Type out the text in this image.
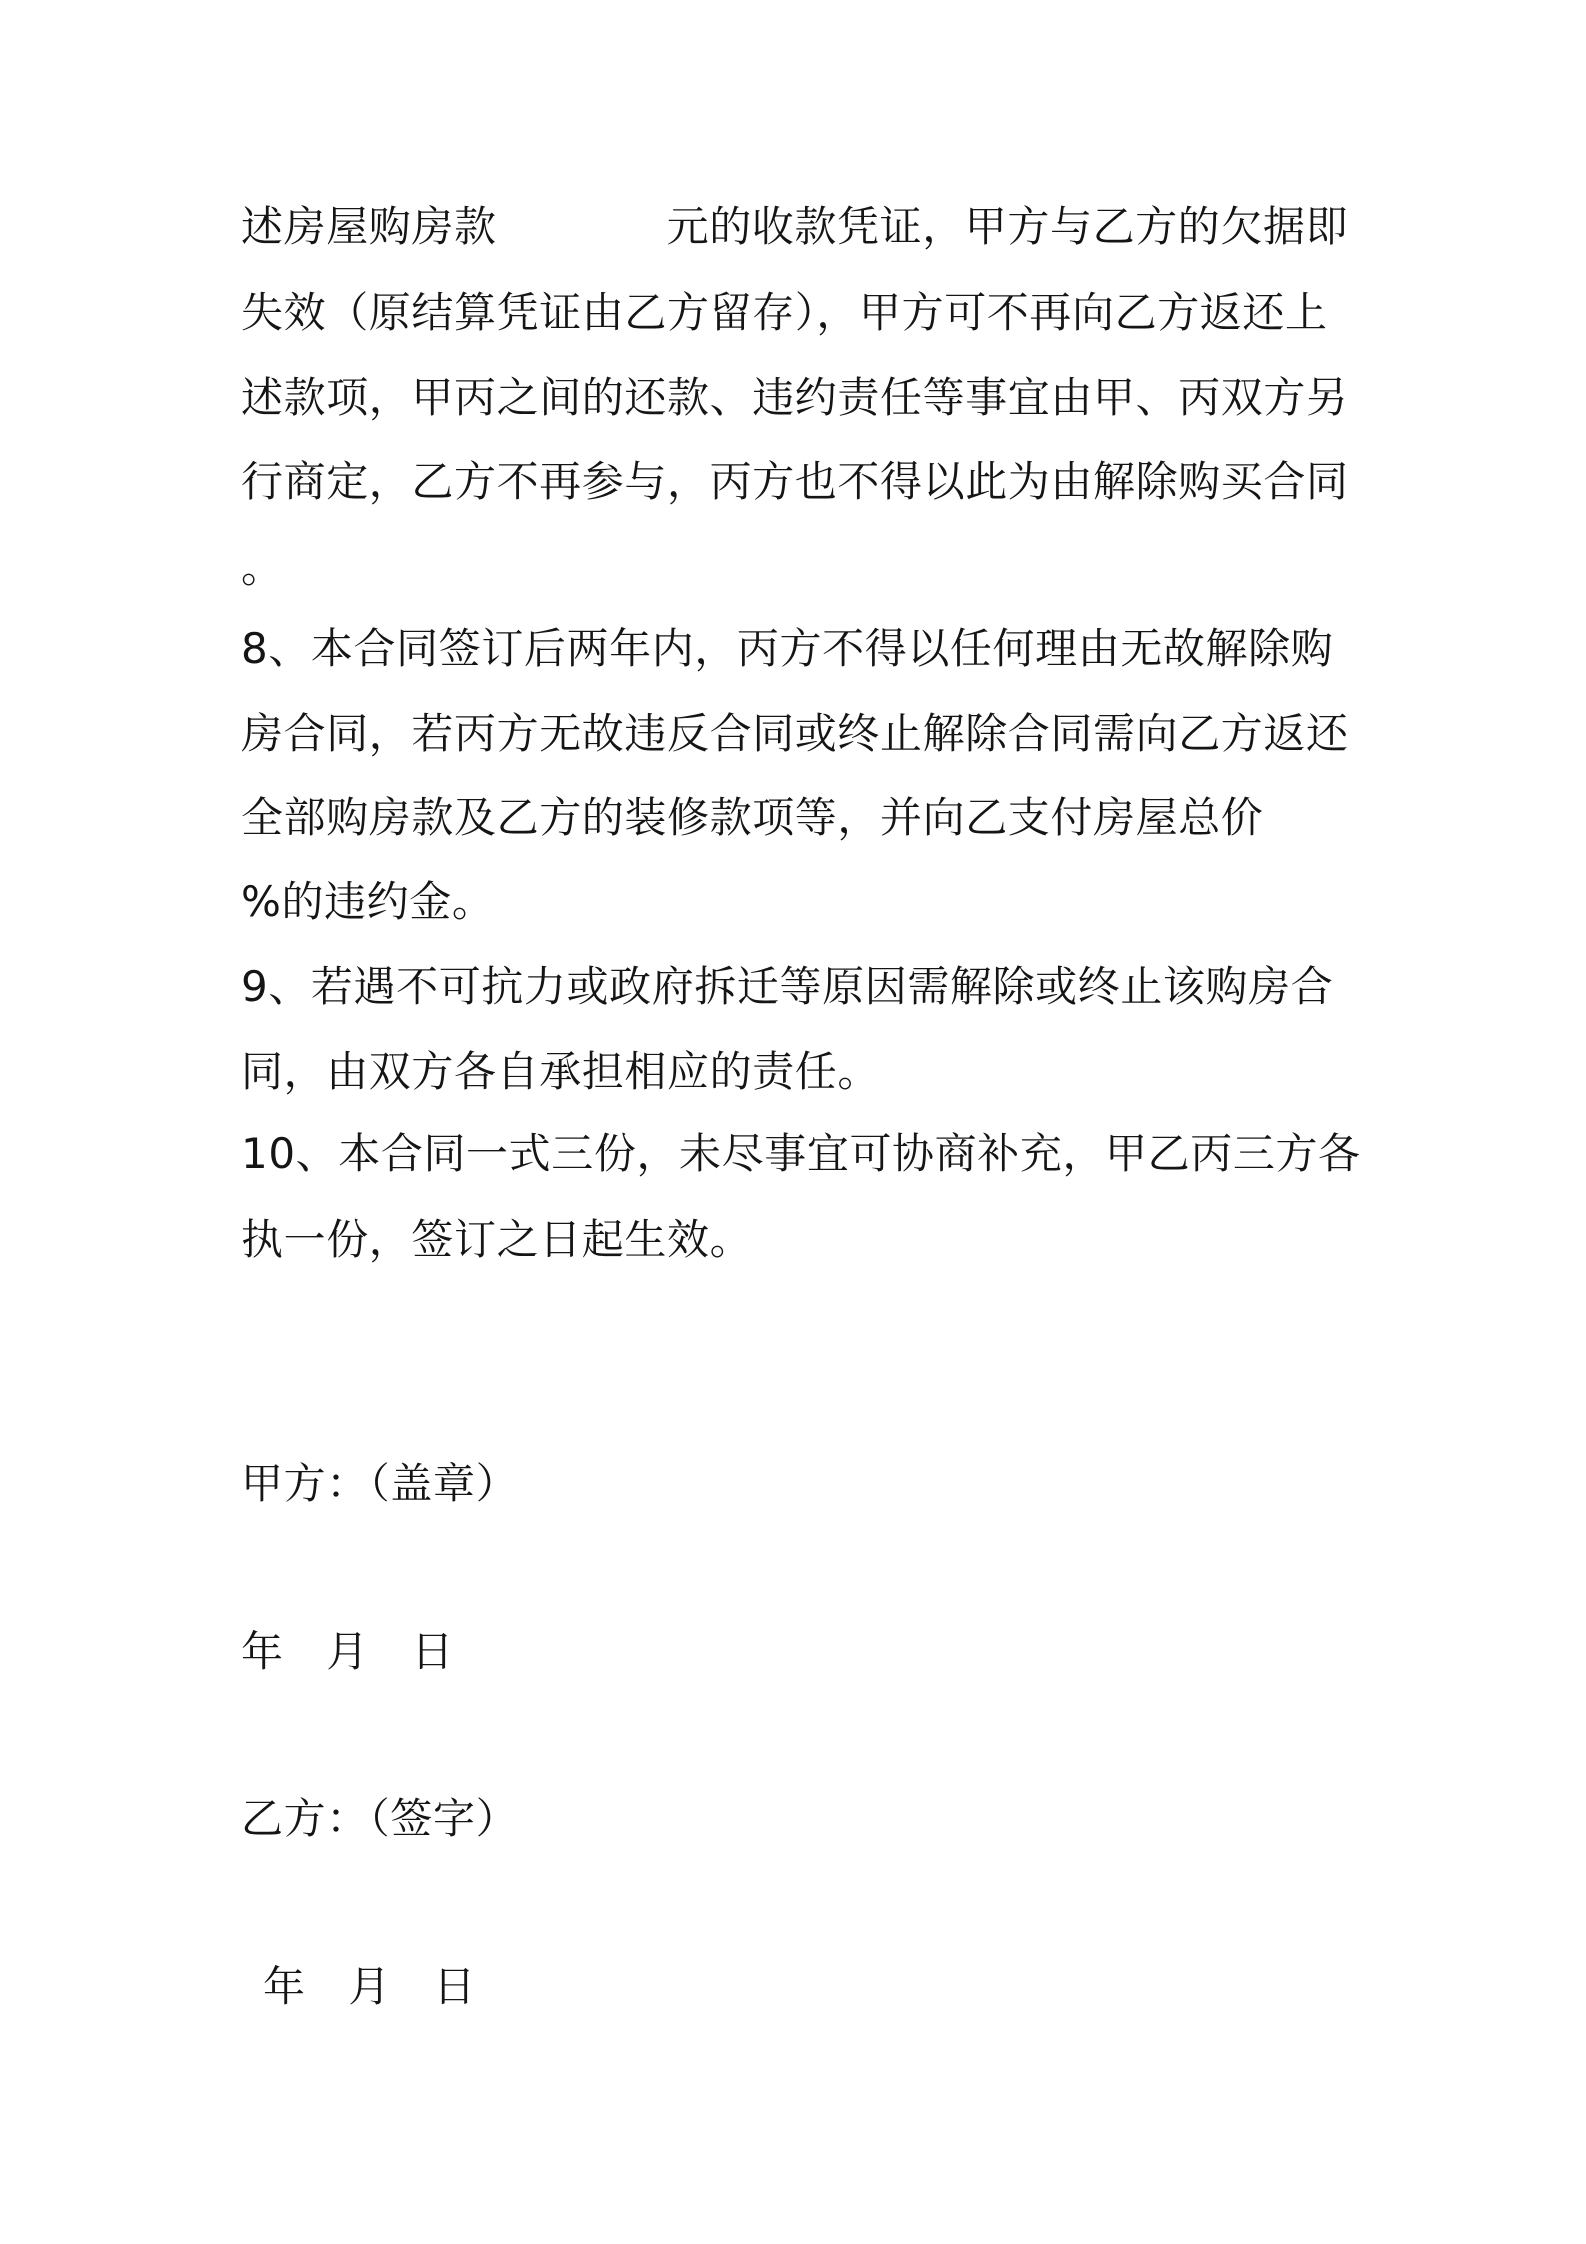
述房屋购房款	元的收款凭证，甲方与乙方的欠据即
失效（原结算凭证由乙方留存），甲方可不再向乙方返还上
述款项，甲丙之间的还款、违约责任等事宜由甲、丙双方另
行商定，乙方不再参与，丙方也不得以此为由解除购买合同
。
8、本合同签订后两年内，丙方不得以任何理由无故解除购
房合同，若丙方无故违反合同或终止解除合同需向乙方返还
全部购房款及乙方的装修款项等，并向乙支付房屋总价
%的违约金。
9、若遇不可抗力或政府拆迁等原因需解除或终止该购房合
同，由双方各自承担相应的责任。
10、本合同一式三份，未尽事宜可协商补充，甲乙丙三方各
执一份，签订之日起生效。
甲方：（盖章）
年　月　日
乙方：（签字）
年　月　日
